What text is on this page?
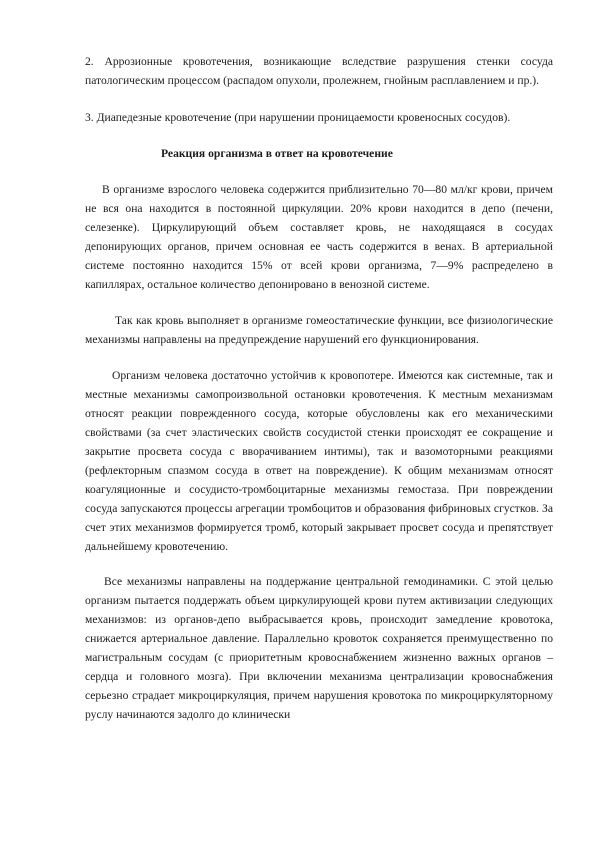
2. Аррозионные кровотечения, возникающие вследствие разрушения стенки сосуда патологическим процессом (распадом опухоли, пролежнем, гнойным расплавлением и пр.).

3. Диапедезные кровотечение (при нарушении проницаемости кровеносных сосудов).

Реакция организма в ответ на кровотечение

В организме взрослого человека содержится приблизительно 70—80 мл/кг крови, причем не вся она находится в постоянной циркуляции. 20% крови находится в депо (печени, селезенке). Циркулирующий объем составляет кровь, не находящаяся в сосудах депонирующих органов, причем основная ее часть содержится в венах. В артериальной системе постоянно находится 15% от всей крови организма, 7—9% распределено в капиллярах, остальное количество депонировано в венозной системе.

Так как кровь выполняет в организме гомеостатические функции, все физиологические механизмы направлены на предупреждение нарушений его функционирования.

Организм человека достаточно устойчив к кровопотере. Имеются как системные, так и местные механизмы самопроизвольной остановки кровотечения. К местным механизмам относят реакции поврежденного сосуда, которые обусловлены как его механическими свойствами (за счет эластических свойств сосудистой стенки происходят ее сокращение и закрытие просвета сосуда с вворачиванием интимы), так и вазомоторными реакциями (рефлекторным спазмом сосуда в ответ на повреждение). К общим механизмам относят коагуляционные и сосудисто-тромбоцитарные механизмы гемостаза. При повреждении сосуда запускаются процессы агрегации тромбоцитов и образования фибриновых сгустков. За счет этих механизмов формируется тромб, который закрывает просвет сосуда и препятствует дальнейшему кровотечению.

Все механизмы направлены на поддержание центральной гемодинамики. С этой целью организм пытается поддержать объем циркулирующей крови путем активизации следующих механизмов: из органов-депо выбрасывается кровь, происходит замедление кровотока, снижается артериальное давление. Параллельно кровоток сохраняется преимущественно по магистральным сосудам (с приоритетным кровоснабжением жизненно важных органов – сердца и головного мозга). При включении механизма централизации кровоснабжения серьезно страдает микроциркуляция, причем нарушения кровотока по микроциркуляторному руслу начинаются задолго до клиничeски
